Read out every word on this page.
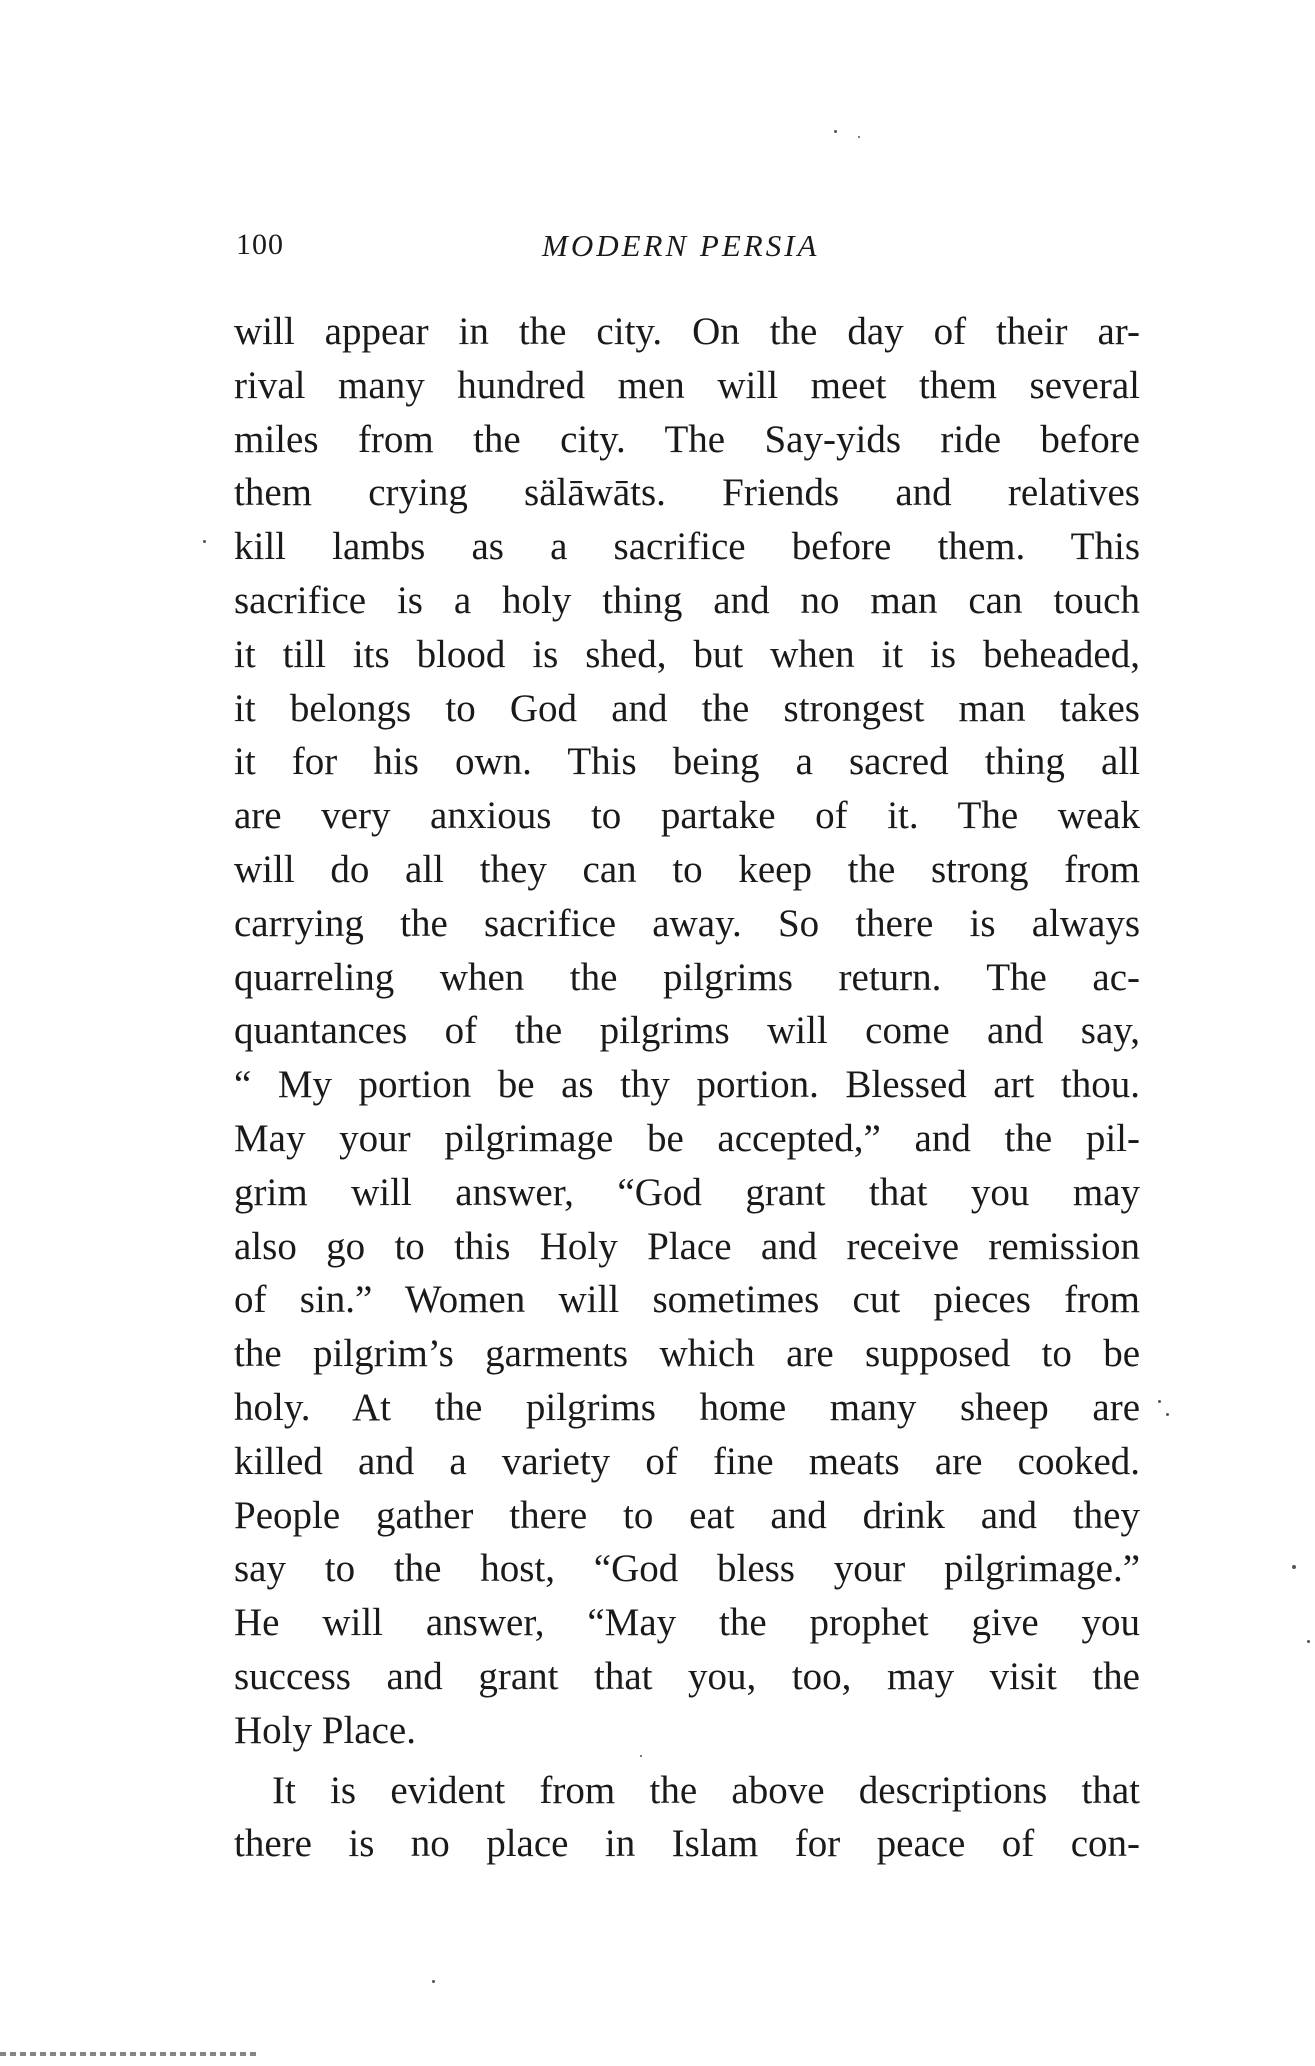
100	MODERN PERSIA
will appear in the city. On the day of their ar-
rival many hundred men will meet them several
miles from the city. The Say-yids ride before
them crying sälāwāts. Friends and relatives
kill lambs as a sacrifice before them. This
sacrifice is a holy thing and no man can touch
it till its blood is shed, but when it is beheaded,
it belongs to God and the strongest man takes
it for his own. This being a sacred thing all
are very anxious to partake of it. The weak
will do all they can to keep the strong from
carrying the sacrifice away. So there is always
quarreling when the pilgrims return. The ac-
quantances of the pilgrims will come and say,
“ My portion be as thy portion. Blessed art thou.
May your pilgrimage be accepted,” and the pil-
grim will answer, “God grant that you may
also go to this Holy Place and receive remission
of sin.” Women will sometimes cut pieces from
the pilgrim’s garments which are supposed to be
holy. At the pilgrims home many sheep are
killed and a variety of fine meats are cooked.
People gather there to eat and drink and they
say to the host, “God bless your pilgrimage.”
He will answer, “May the prophet give you
success and grant that you, too, may visit the
Holy Place.
It is evident from the above descriptions that
there is no place in Islam for peace of con-
